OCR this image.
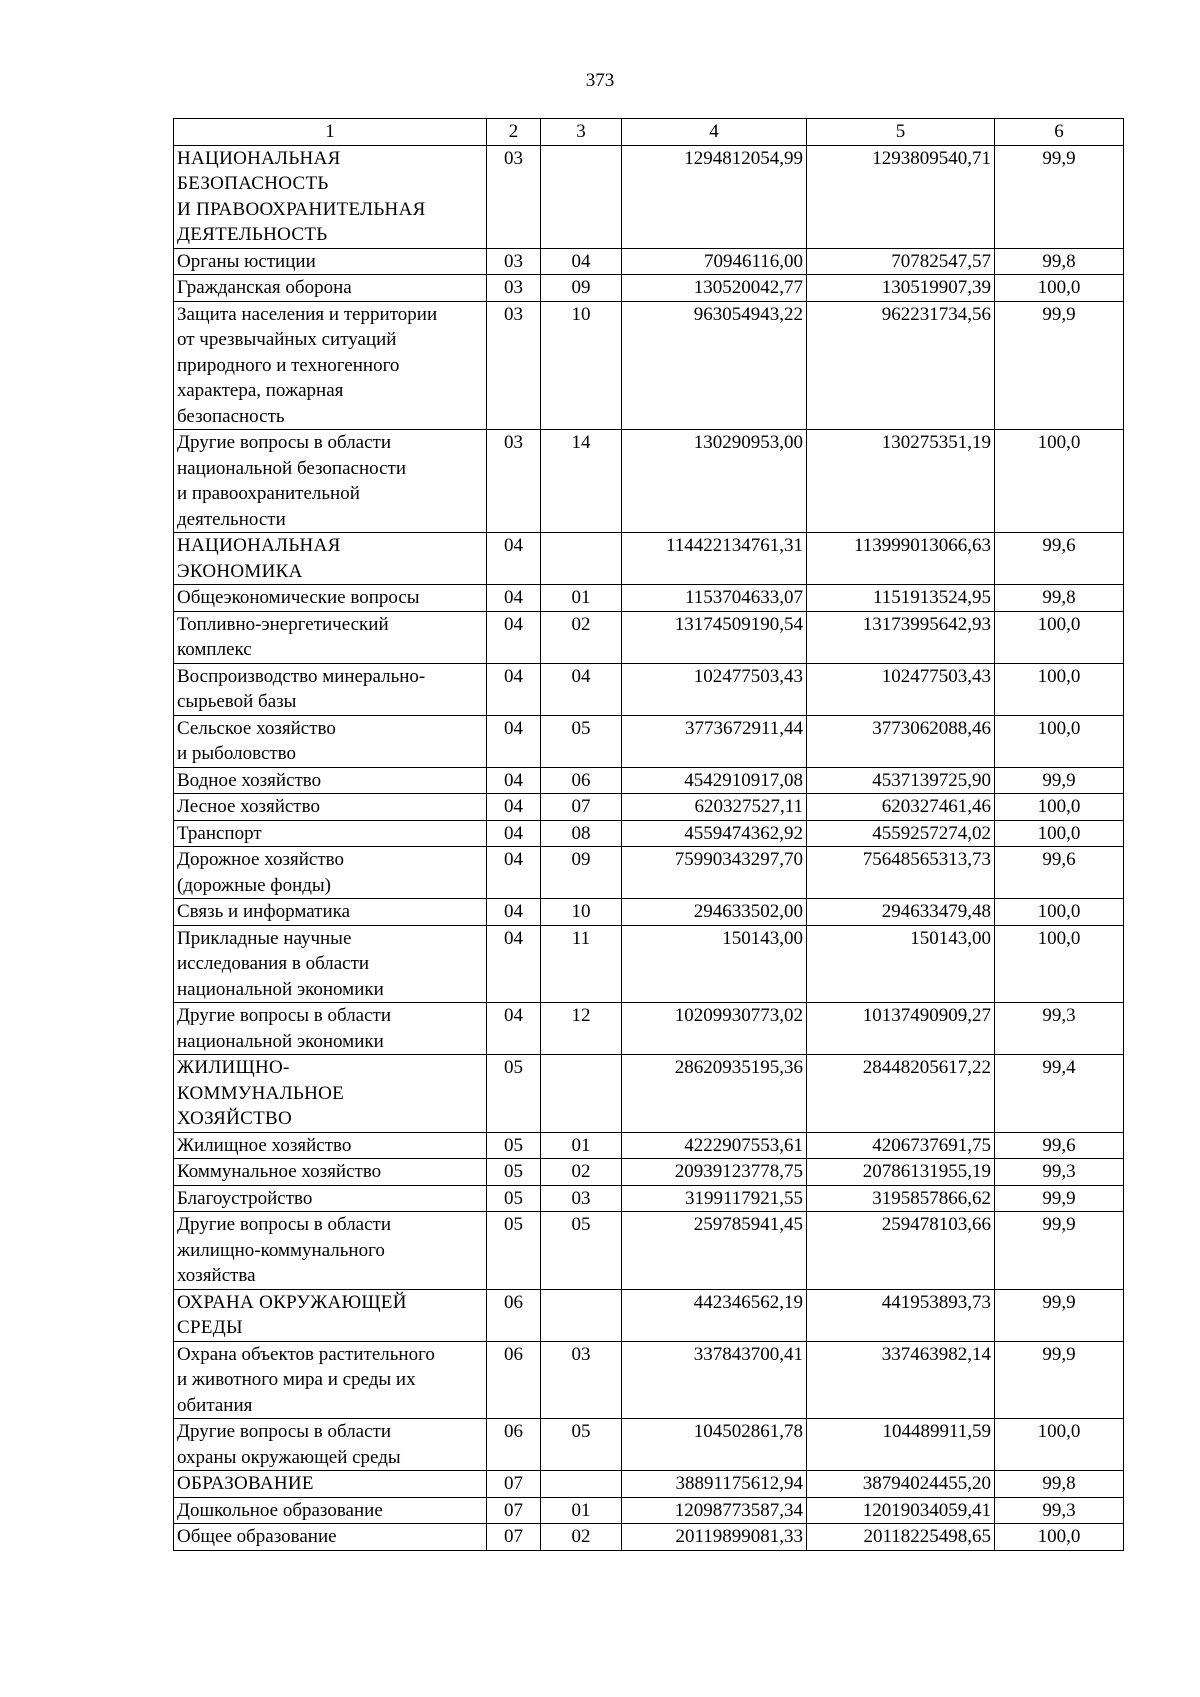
373
1	2	3	4	5	6
НАЦИОНАЛЬНАЯ
БЕЗОПАСНОСТЬ
И ПРАВООХРАНИТЕЛЬНАЯ
ДЕЯТЕЛЬНОСТЬ	03		1294812054,99	1293809540,71	99,9
Органы юстиции	03	04	70946116,00	70782547,57	99,8
Гражданская оборона	03	09	130520042,77	130519907,39	100,0
Защита населения и территории
от чрезвычайных ситуаций
природного и техногенного
характера, пожарная
безопасность	03	10	963054943,22	962231734,56	99,9
Другие вопросы в области
национальной безопасности
и правоохранительной
деятельности	03	14	130290953,00	130275351,19	100,0
НАЦИОНАЛЬНАЯ
ЭКОНОМИКА	04		114422134761,31	113999013066,63	99,6
Общеэкономические вопросы	04	01	1153704633,07	1151913524,95	99,8
Топливно-энергетический
комплекс	04	02	13174509190,54	13173995642,93	100,0
Воспроизводство минерально-
сырьевой базы	04	04	102477503,43	102477503,43	100,0
Сельское хозяйство
и рыболовство	04	05	3773672911,44	3773062088,46	100,0
Водное хозяйство	04	06	4542910917,08	4537139725,90	99,9
Лесное хозяйство	04	07	620327527,11	620327461,46	100,0
Транспорт	04	08	4559474362,92	4559257274,02	100,0
Дорожное хозяйство
(дорожные фонды)	04	09	75990343297,70	75648565313,73	99,6
Связь и информатика	04	10	294633502,00	294633479,48	100,0
Прикладные научные
исследования в области
национальной экономики	04	11	150143,00	150143,00	100,0
Другие вопросы в области
национальной экономики	04	12	10209930773,02	10137490909,27	99,3
ЖИЛИЩНО-
КОММУНАЛЬНОЕ
ХОЗЯЙСТВО	05		28620935195,36	28448205617,22	99,4
Жилищное хозяйство	05	01	4222907553,61	4206737691,75	99,6
Коммунальное хозяйство	05	02	20939123778,75	20786131955,19	99,3
Благоустройство	05	03	3199117921,55	3195857866,62	99,9
Другие вопросы в области
жилищно-коммунального
хозяйства	05	05	259785941,45	259478103,66	99,9
ОХРАНА ОКРУЖАЮЩЕЙ
СРЕДЫ	06		442346562,19	441953893,73	99,9
Охрана объектов растительного
и животного мира и среды их
обитания	06	03	337843700,41	337463982,14	99,9
Другие вопросы в области
охраны окружающей среды	06	05	104502861,78	104489911,59	100,0
ОБРАЗОВАНИЕ	07		38891175612,94	38794024455,20	99,8
Дошкольное образование	07	01	12098773587,34	12019034059,41	99,3
Общее образование	07	02	20119899081,33	20118225498,65	100,0
